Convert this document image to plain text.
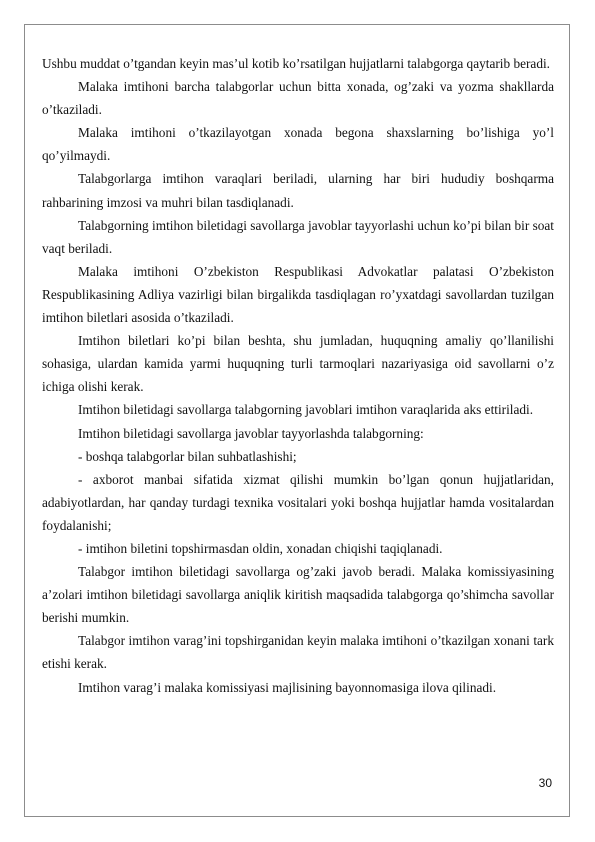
Ushbu muddat o’tgandan keyin mas’ul kotib ko’rsatilgan hujjatlarni talabgorga qaytarib beradi.

Malaka imtihoni barcha talabgorlar uchun bitta xonada, og’zaki va yozma shakllarda o’tkaziladi.

Malaka imtihoni o’tkazilayotgan xonada begona shaxslarning bo’lishiga yo’l qo’yilmaydi.

Talabgorlarga imtihon varaqlari beriladi, ularning har biri hududiy boshqarma rahbarining imzosi va muhri bilan tasdiqlanadi.

Talabgorning imtihon biletidagi savollarga javoblar tayyorlashi uchun ko’pi bilan bir soat vaqt beriladi.

Malaka imtihoni O’zbekiston Respublikasi Advokatlar palatasi O’zbekiston Respublikasining Adliya vazirligi bilan birgalikda tasdiqlagan ro’yxatdagi savollardan tuzilgan imtihon biletlari asosida o’tkaziladi.

Imtihon biletlari ko’pi bilan beshta, shu jumladan, huquqning amaliy qo’llanilishi sohasiga, ulardan kamida yarmi huquqning turli tarmoqlari nazariyasiga oid savollarni o’z ichiga olishi kerak.

Imtihon biletidagi savollarga talabgorning javoblari imtihon varaqlarida aks ettiriladi.

Imtihon biletidagi savollarga javoblar tayyorlashda talabgorning:

- boshqa talabgorlar bilan suhbatlashishi;

- axborot manbai sifatida xizmat qilishi mumkin bo’lgan qonun hujjatlaridan, adabiyotlardan, har qanday turdagi texnika vositalari yoki boshqa hujjatlar hamda vositalardan foydalanishi;

- imtihon biletini topshirmasdan oldin, xonadan chiqishi taqiqlanadi.

Talabgor imtihon biletidagi savollarga og’zaki javob beradi. Malaka komissiyasining a’zolari imtihon biletidagi savollarga aniqlik kiritish maqsadida talabgorga qo’shimcha savollar berishi mumkin.

Talabgor imtihon varag’ini topshirganidan keyin malaka imtihoni o’tkazilgan xonani tark etishi kerak.

Imtihon varag’i malaka komissiyasi majlisining bayonnomasiga ilova qilinadi.

30
